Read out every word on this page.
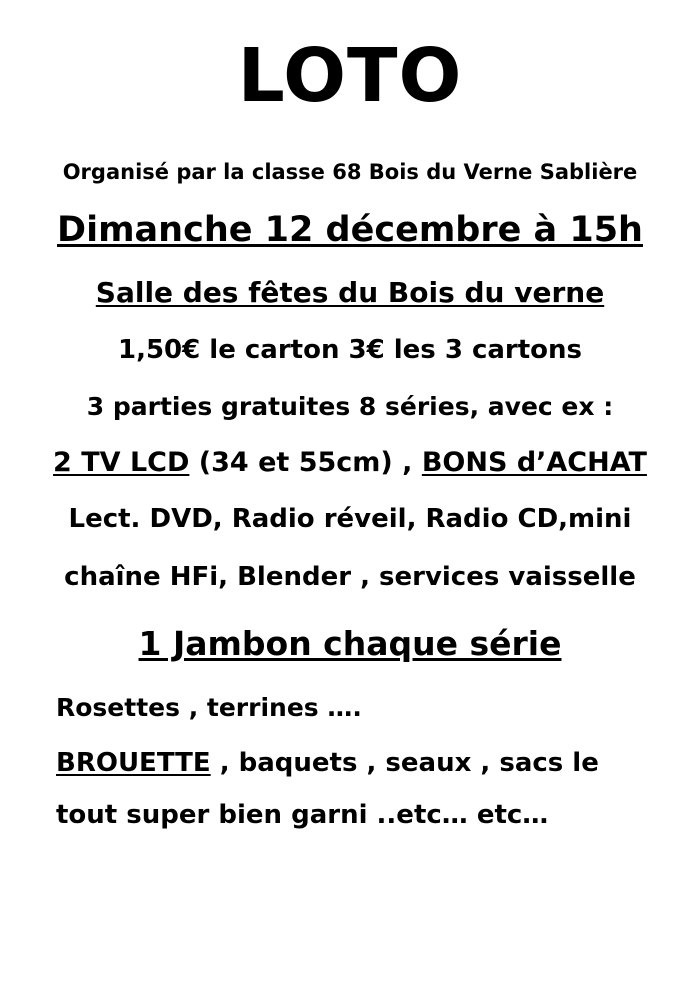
LOTO
Organisé par la classe 68 Bois du Verne Sablière
Dimanche 12 décembre à 15h
Salle des fêtes du Bois du verne
1,50€ le carton 3€ les 3 cartons
3 parties gratuites 8 séries, avec ex :
2 TV LCD (34 et 55cm) , BONS d’ACHAT
Lect. DVD, Radio réveil, Radio CD,mini
chaîne HFi, Blender , services vaisselle
1 Jambon chaque série
Rosettes , terrines ….
BROUETTE , baquets , seaux , sacs le
tout super bien garni ..etc… etc…
